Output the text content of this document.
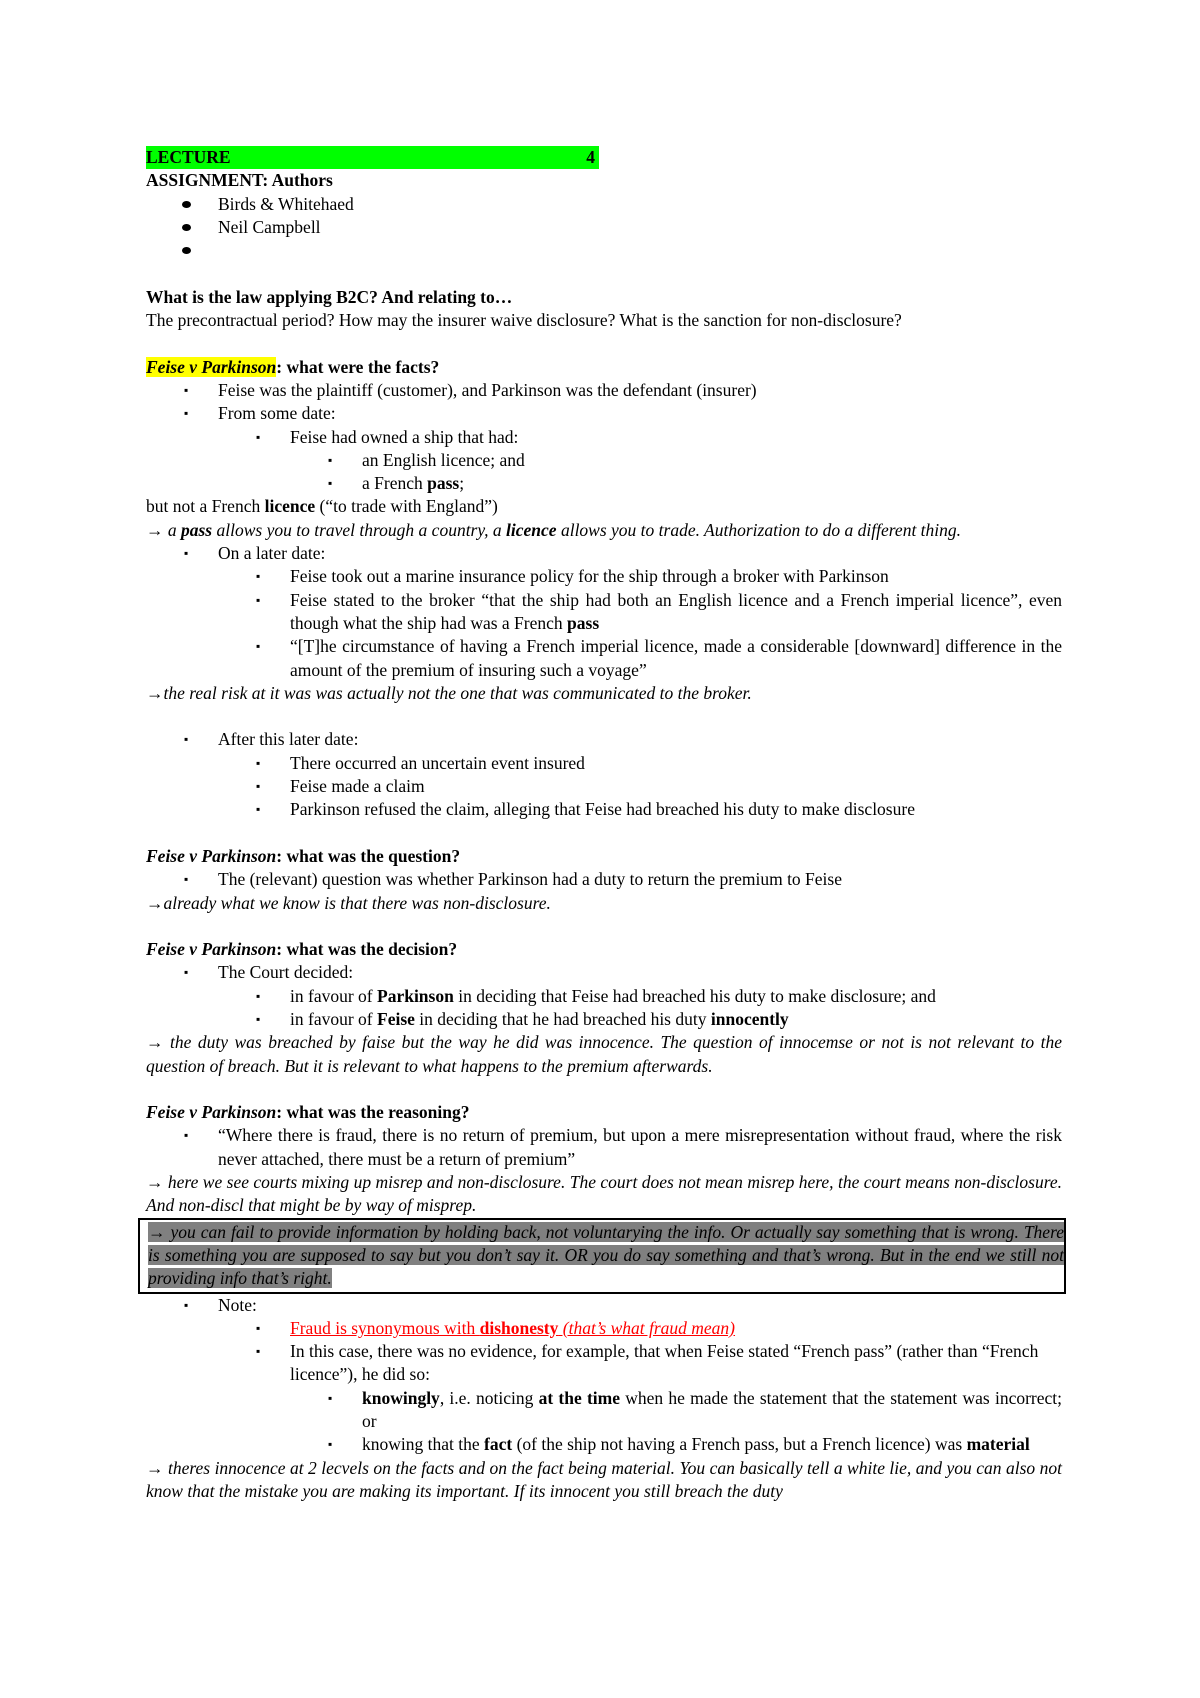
LECTURE	4
ASSIGNMENT: Authors
Birds & Whitehaed
Neil Campbell
What is the law applying B2C? And relating to…
The precontractual period? How may the insurer waive disclosure? What is the sanction for non-disclosure?
Feise v Parkinson: what were the facts?
▪ Feise was the plaintiff (customer), and Parkinson was the defendant (insurer)
▪ From some date:
▪ Feise had owned a ship that had:
▪ an English licence; and
▪ a French pass;
but not a French licence (“to trade with England”)
→ a pass allows you to travel through a country, a licence allows you to trade. Authorization to do a different thing.
▪ On a later date:
▪ Feise took out a marine insurance policy for the ship through a broker with Parkinson
▪ Feise stated to the broker “that the ship had both an English licence and a French imperial licence”, even though what the ship had was a French pass
▪ “[T]he circumstance of having a French imperial licence, made a considerable [downward] difference in the amount of the premium of insuring such a voyage”
→the real risk at it was was actually not the one that was communicated to the broker.
▪ After this later date:
▪ There occurred an uncertain event insured
▪ Feise made a claim
▪ Parkinson refused the claim, alleging that Feise had breached his duty to make disclosure
Feise v Parkinson: what was the question?
▪ The (relevant) question was whether Parkinson had a duty to return the premium to Feise
→already what we know is that there was non-disclosure.
Feise v Parkinson: what was the decision?
▪ The Court decided:
▪ in favour of Parkinson in deciding that Feise had breached his duty to make disclosure; and
▪ in favour of Feise in deciding that he had breached his duty innocently
→ the duty was breached by faise but the way he did was innocence. The question of innocemse or not is not relevant to the question of breach. But it is relevant to what happens to the premium afterwards.
Feise v Parkinson: what was the reasoning?
▪ “Where there is fraud, there is no return of premium, but upon a mere misrepresentation without fraud, where the risk never attached, there must be a return of premium”
→ here we see courts mixing up misrep and non-disclosure. The court does not mean misrep here, the court means non-disclosure. And non-discl that might be by way of misprep.
→ you can fail to provide information by holding back, not voluntarying the info. Or actually say something that is wrong. There is something you are supposed to say but you don’t say it. OR you do say something and that’s wrong. But in the end we still not providing info that’s right.
▪ Note:
▪ Fraud is synonymous with dishonesty (that’s what fraud mean)
▪ In this case, there was no evidence, for example, that when Feise stated “French pass” (rather than “French licence”), he did so:
▪ knowingly, i.e. noticing at the time when he made the statement that the statement was incorrect; or
▪ knowing that the fact (of the ship not having a French pass, but a French licence) was material
→ theres innocence at 2 lecvels on the facts and on the fact being material. You can basically tell a white lie, and you can also not know that the mistake you are making its important. If its innocent you still breach the duty
